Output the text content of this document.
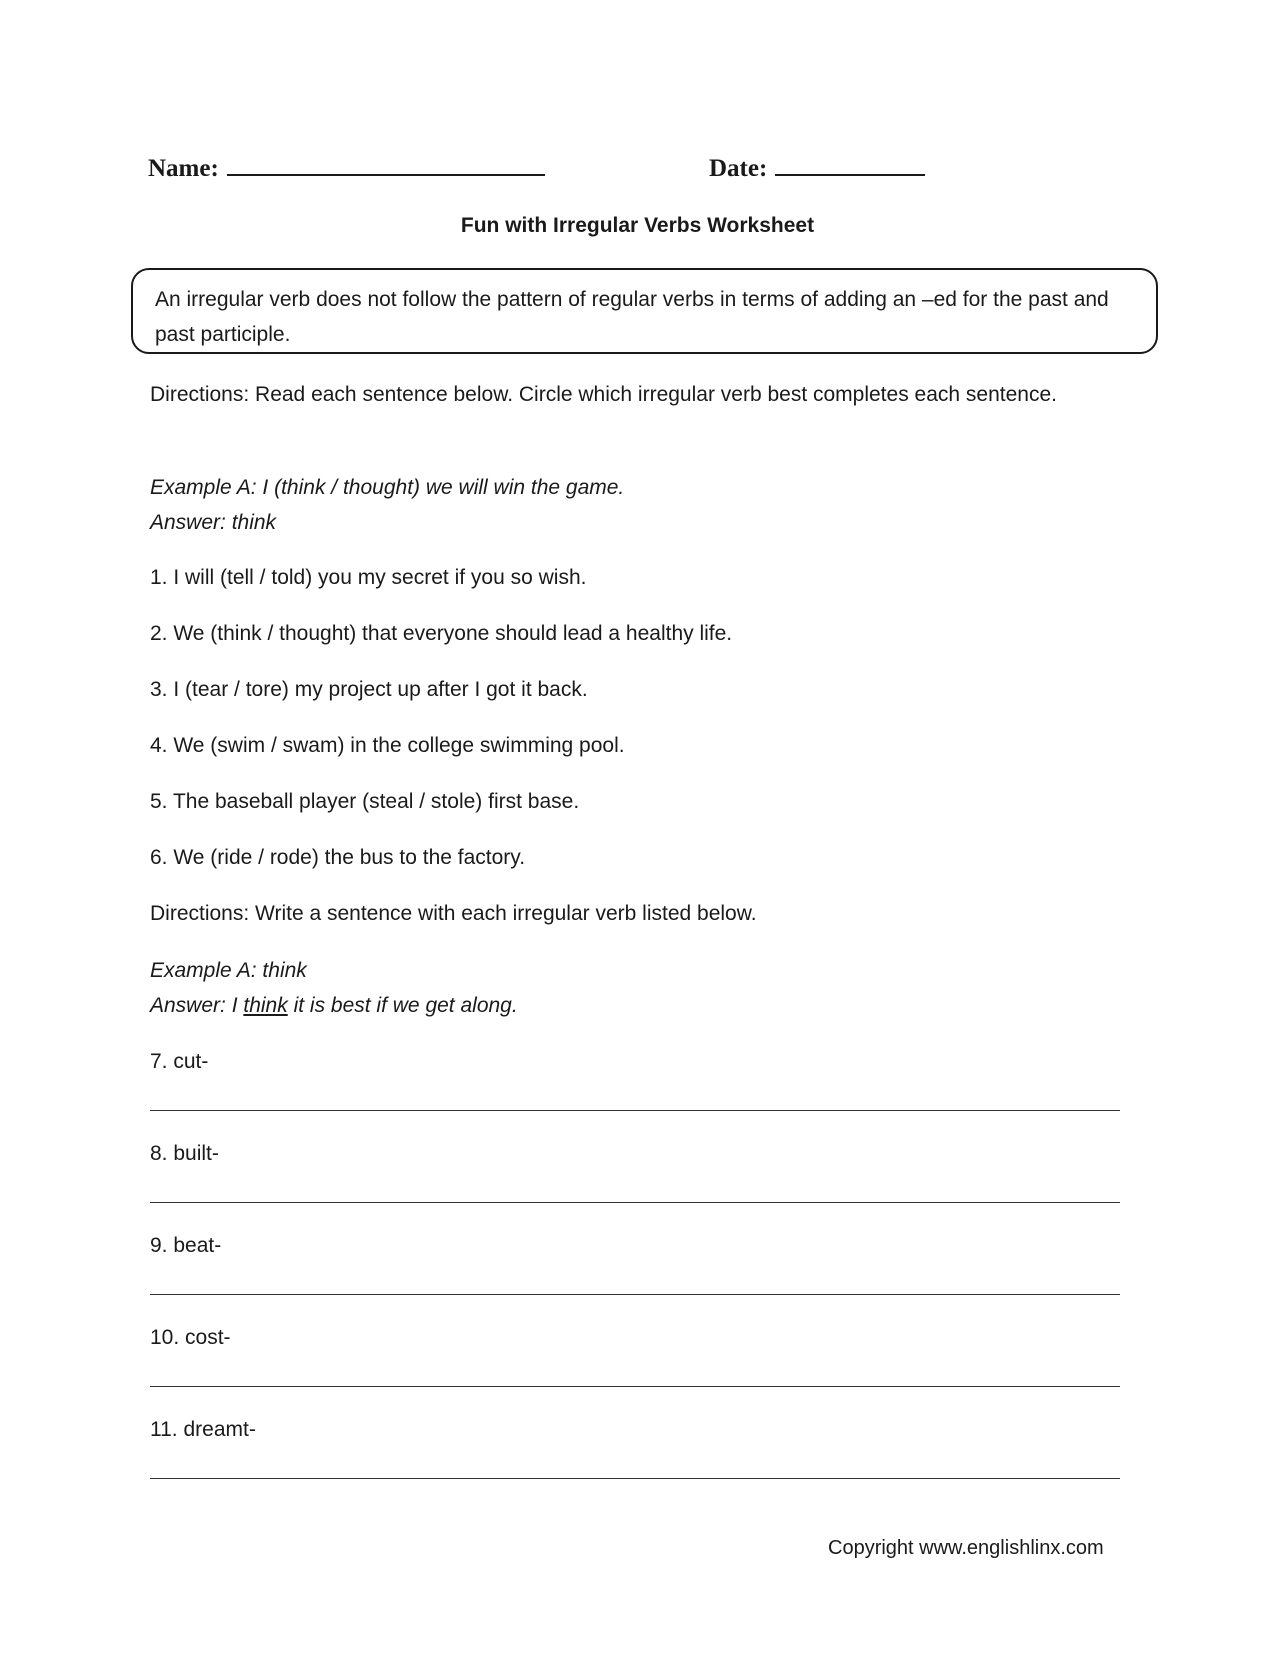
Name:	Date:
Fun with Irregular Verbs Worksheet
An irregular verb does not follow the pattern of regular verbs in terms of adding an –ed for the past and past participle.
Directions: Read each sentence below. Circle which irregular verb best completes each sentence.
Example A: I (think / thought) we will win the game.
Answer: think
1. I will (tell / told) you my secret if you so wish.
2. We (think / thought) that everyone should lead a healthy life.
3. I (tear / tore) my project up after I got it back.
4. We (swim / swam) in the college swimming pool.
5. The baseball player (steal / stole) first base.
6. We (ride / rode) the bus to the factory.
Directions: Write a sentence with each irregular verb listed below.
Example A: think
Answer: I think it is best if we get along.
7. cut-
8. built-
9. beat-
10. cost-
11. dreamt-
Copyright www.englishlinx.com
